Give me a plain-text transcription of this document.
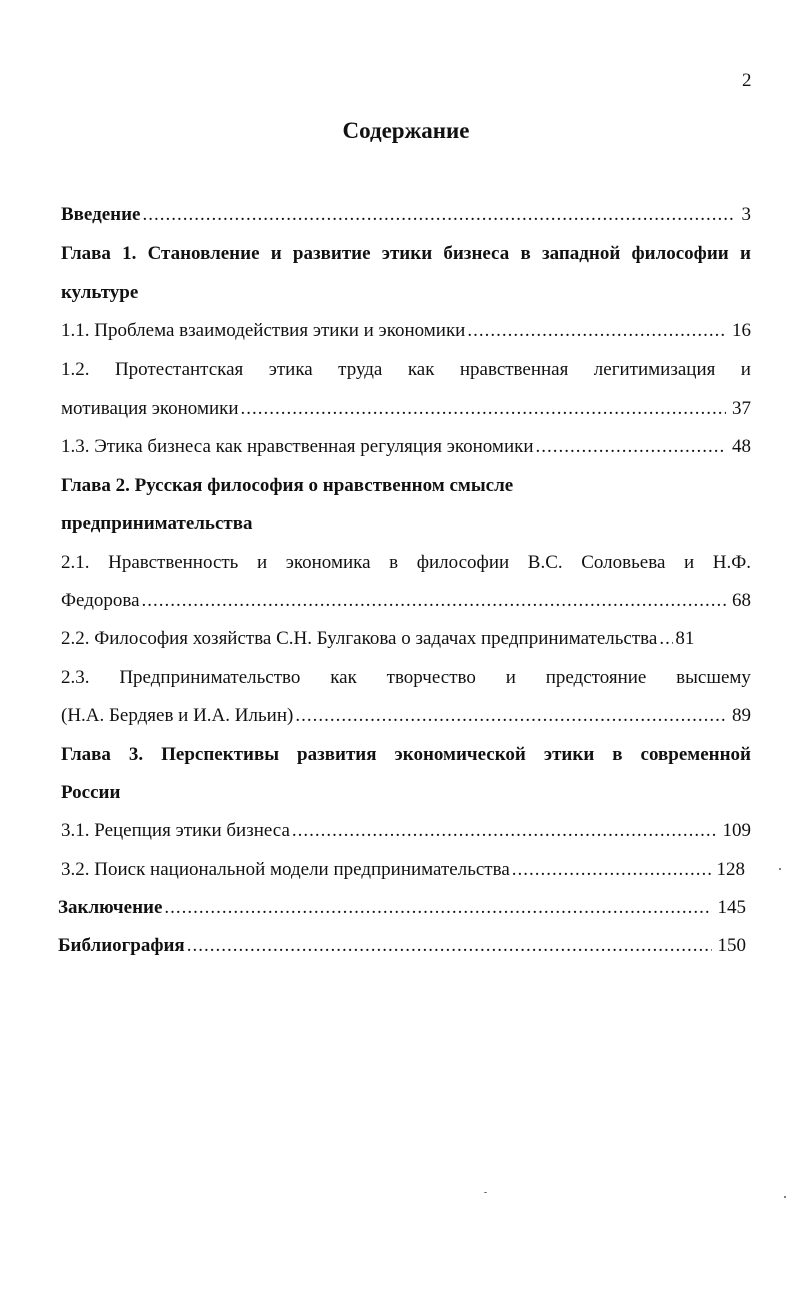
2
Содержание
Введение .....	3
Глава 1. Становление и развитие этики бизнеса в западной философии и
культуре
1.1. Проблема взаимодействия этики и экономики .....	16
1.2. Протестантская этика труда как нравственная легитимизация и
мотивация экономики .....	37
1.3. Этика бизнеса как нравственная регуляция экономики .....	48
Глава 2. Русская философия о нравственном смысле
предпринимательства
2.1. Нравственность и экономика в философии В.С. Соловьева и Н.Ф.
Федорова .....	68
2.2. Философия хозяйства С.Н. Булгакова о задачах предпринимательства ..... 81
2.3. Предпринимательство как творчество и предстояние высшему
(Н.А. Бердяев и И.А. Ильин) .....	89
Глава 3. Перспективы развития экономической этики в современной
России
3.1. Рецепция этики бизнеса .....	109
3.2. Поиск национальной модели предпринимательства .....	128
Заключение .....	145
Библиография .....	150
